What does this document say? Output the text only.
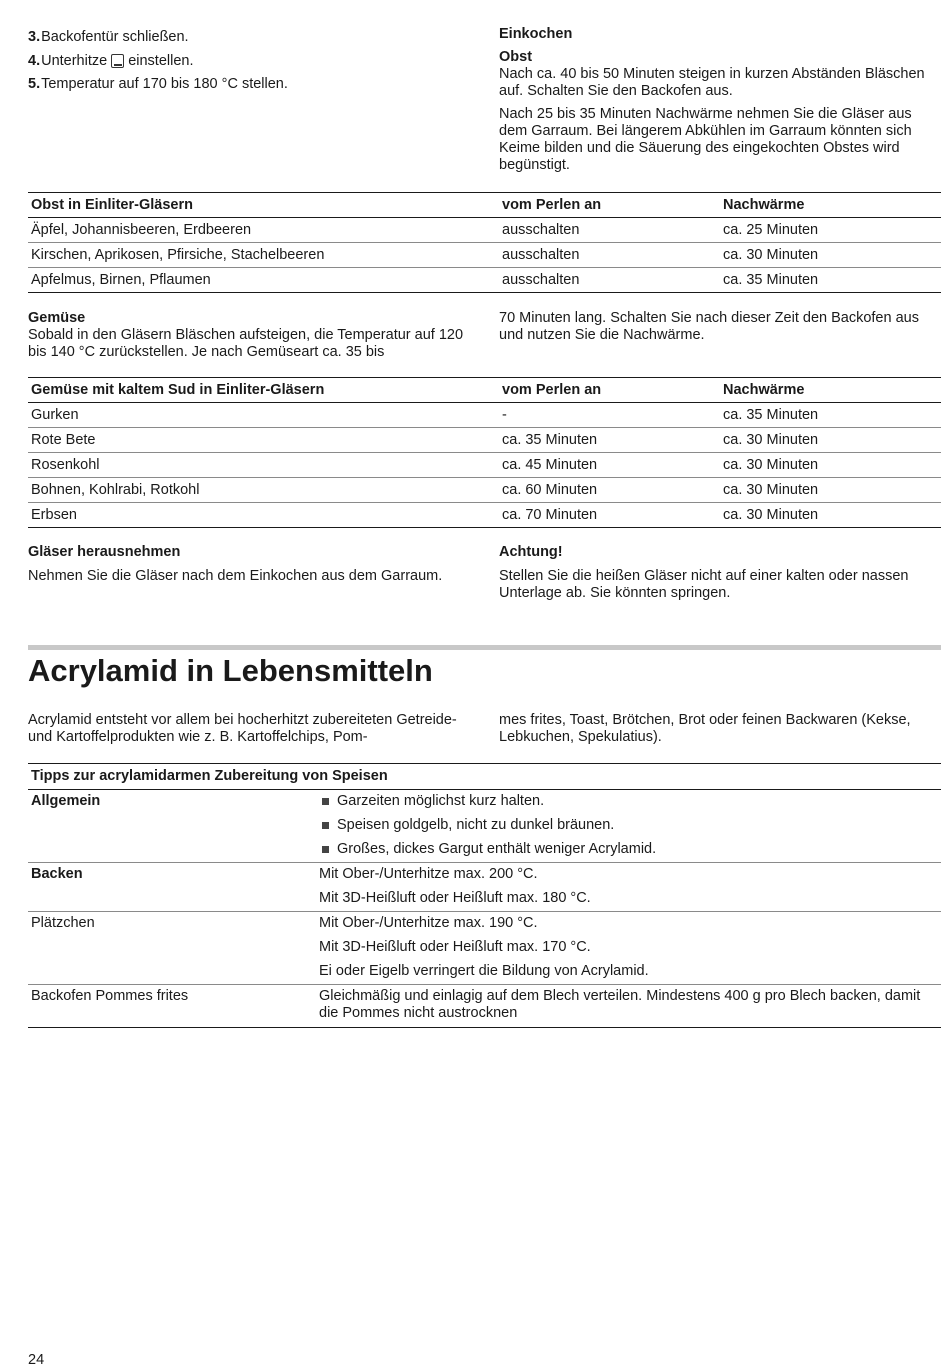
3. Backofentür schließen.
4. Unterhitze einstellen.
5. Temperatur auf 170 bis 180 °C stellen.

Einkochen

Obst

Nach ca. 40 bis 50 Minuten steigen in kurzen Abständen Bläschen auf. Schalten Sie den Backofen aus.

Nach 25 bis 35 Minuten Nachwärme nehmen Sie die Gläser aus dem Garraum. Bei längerem Abkühlen im Garraum könnten sich Keime bilden und die Säuerung des eingekochten Obstes wird begünstigt.

Obst in Einliter-Gläsern	vom Perlen an	Nachwärme
Äpfel, Johannisbeeren, Erdbeeren	ausschalten	ca. 25 Minuten
Kirschen, Aprikosen, Pfirsiche, Stachelbeeren	ausschalten	ca. 30 Minuten
Apfelmus, Birnen, Pflaumen	ausschalten	ca. 35 Minuten

Gemüse

Sobald in den Gläsern Bläschen aufsteigen, die Temperatur auf 120 bis 140 °C zurückstellen. Je nach Gemüseart ca. 35 bis

70 Minuten lang. Schalten Sie nach dieser Zeit den Backofen aus und nutzen Sie die Nachwärme.

Gemüse mit kaltem Sud in Einliter-Gläsern	vom Perlen an	Nachwärme
Gurken	-	ca. 35 Minuten
Rote Bete	ca. 35 Minuten	ca. 30 Minuten
Rosenkohl	ca. 45 Minuten	ca. 30 Minuten
Bohnen, Kohlrabi, Rotkohl	ca. 60 Minuten	ca. 30 Minuten
Erbsen	ca. 70 Minuten	ca. 30 Minuten

Gläser herausnehmen

Nehmen Sie die Gläser nach dem Einkochen aus dem Garraum.

Achtung!

Stellen Sie die heißen Gläser nicht auf einer kalten oder nassen Unterlage ab. Sie könnten springen.

Acrylamid in Lebensmitteln

Acrylamid entsteht vor allem bei hocherhitzt zubereiteten Getreide- und Kartoffelprodukten wie z. B. Kartoffelchips, Pom-

mes frites, Toast, Brötchen, Brot oder feinen Backwaren (Kekse, Lebkuchen, Spekulatius).

Tipps zur acrylamidarmen Zubereitung von Speisen	
Allgemein	Garzeiten möglichst kurz halten.
Speisen goldgelb, nicht zu dunkel bräunen.
Großes, dickes Gargut enthält weniger Acrylamid.

Backen	Mit Ober-/Unterhitze max. 200 °C.
Mit 3D-Heißluft oder Heißluft max. 180 °C.

Plätzchen	Mit Ober-/Unterhitze max. 190 °C.
Mit 3D-Heißluft oder Heißluft max. 170 °C.
Ei oder Eigelb verringert die Bildung von Acrylamid.

Backofen Pommes frites	Gleichmäßig und einlagig auf dem Blech verteilen. Mindestens 400 g pro Blech backen, damit die Pommes nicht austrocknen
24
